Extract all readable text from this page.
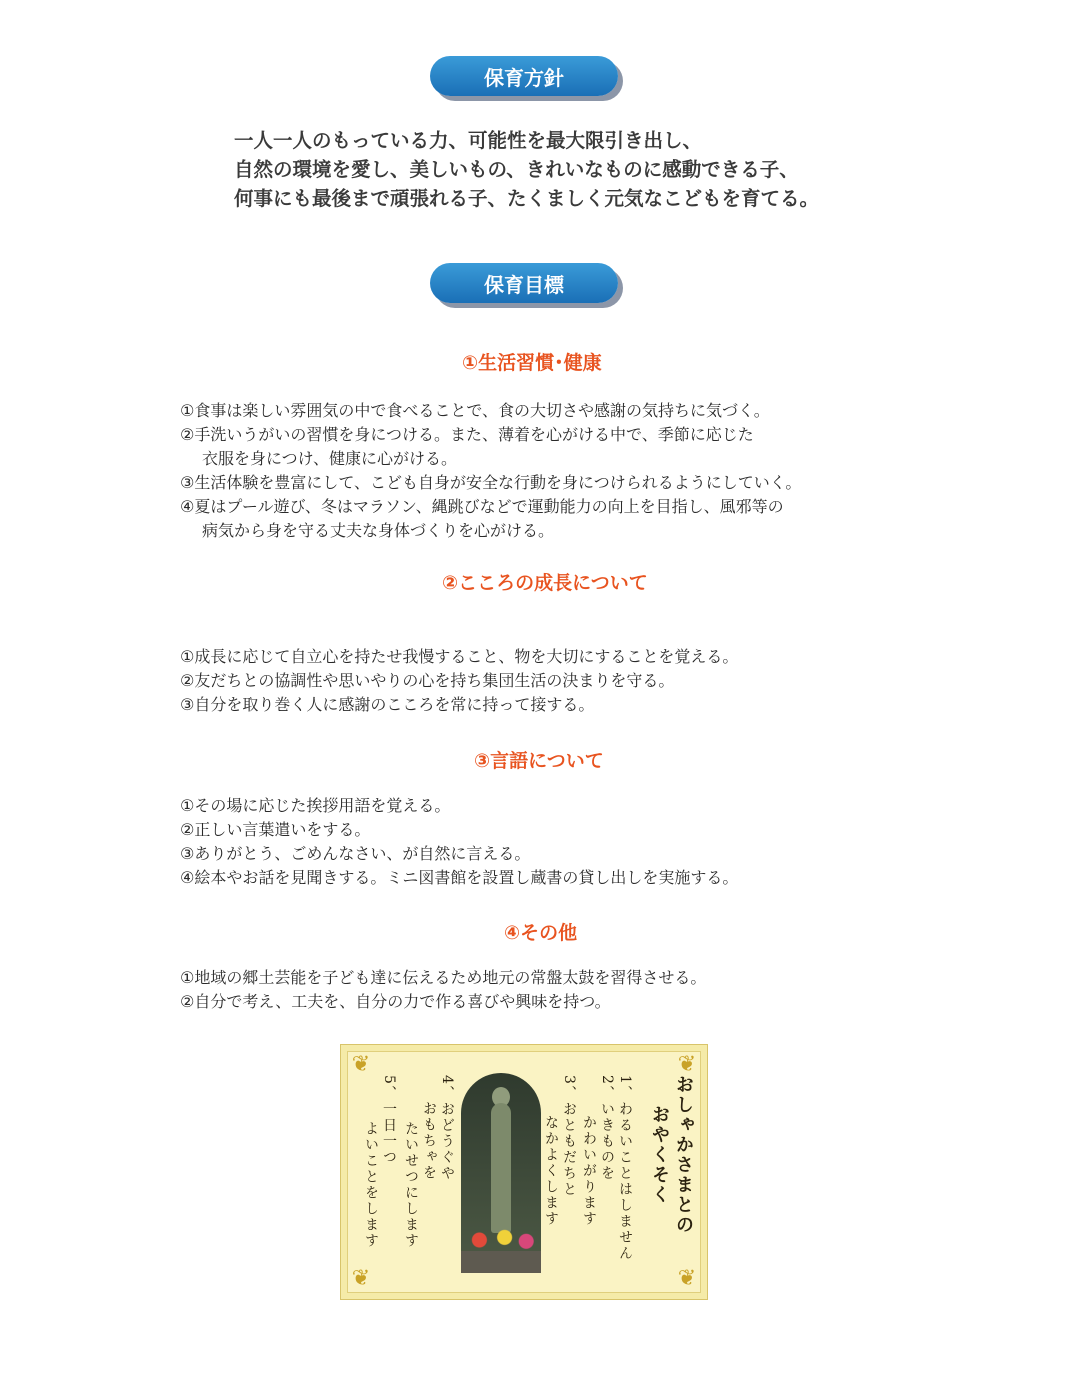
保育方針
一人一人のもっている力、可能性を最大限引き出し、
自然の環境を愛し、美しいもの、きれいなものに感動できる子、
何事にも最後まで頑張れる子、たくましく元気なこどもを育てる。
保育目標
①生活習慣･健康
①食事は楽しい雰囲気の中で食べることで、食の大切さや感謝の気持ちに気づく。
②手洗いうがいの習慣を身につける。また、薄着を心がける中で、季節に応じた
衣服を身につけ、健康に心がける。
③生活体験を豊富にして、こども自身が安全な行動を身につけられるようにしていく。
④夏はプール遊び、冬はマラソン、縄跳びなどで運動能力の向上を目指し、風邪等の
病気から身を守る丈夫な身体づくりを心がける。
②こころの成長について
①成長に応じて自立心を持たせ我慢すること、物を大切にすることを覚える。
②友だちとの協調性や思いやりの心を持ち集団生活の決まりを守る。
③自分を取り巻く人に感謝のこころを常に持って接する。
③言語について
①その場に応じた挨拶用語を覚える。
②正しい言葉遣いをする。
③ありがとう、ごめんなさい、が自然に言える。
④絵本やお話を見聞きする。ミニ図書館を設置し蔵書の貸し出しを実施する。
④その他
①地域の郷土芸能を子ども達に伝えるため地元の常盤太鼓を習得させる。
②自分で考え、工夫を、自分の力で作る喜びや興味を持つ。
❦	❦
❦	❦
おしゃかさまとの
おやくそく
1、わるいことはしません
2、いきものを
かわいがります
3、おともだちと
なかよくします
4、おどうぐや
おもちゃを
たいせつにします
5、一日一つ
よいことをします
